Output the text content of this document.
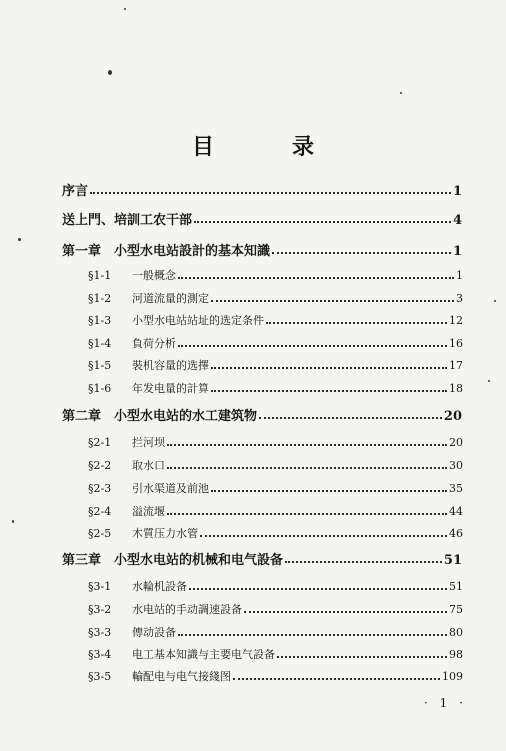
目　录
序言	1
送上門、培訓工农干部	4
第一章　小型水电站設計的基本知識	1
§1-1 一般概念	1
§1-2 河道流量的測定	3
§1-3 小型水电站站址的选定条件	12
§1-4 負荷分析	16
§1-5 裝机容量的选擇	17
§1-6 年发电量的計算	18
第二章　小型水电站的水工建筑物	20
§2-1 拦河坝	20
§2-2 取水口	30
§2-3 引水渠道及前池	35
§2-4 溢流堰	44
§2-5 木質压力水管	46
第三章　小型水电站的机械和电气設备	51
§3-1 水輪机設备	51
§3-2 水电站的手动調速設备	75
§3-3 傳动設备	80
§3-4 电工基本知識与主要电气設备	98
§3-5 輸配电与电气接綫图	109
· 1 ·
